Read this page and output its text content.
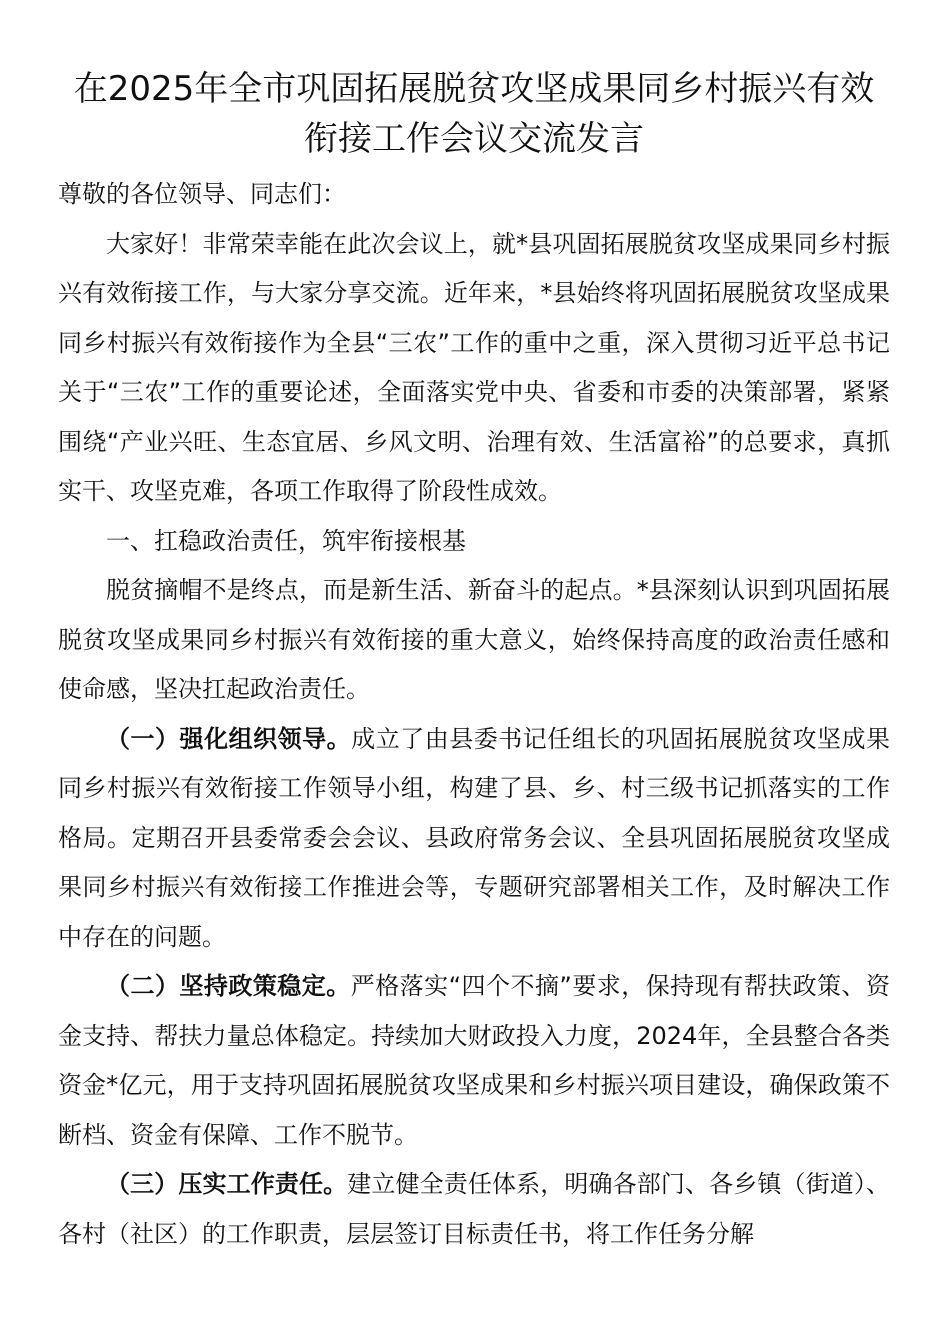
在2025年全市巩固拓展脱贫攻坚成果同乡村振兴有效衔接工作会议交流发言

尊敬的各位领导、同志们：

大家好！非常荣幸能在此次会议上，就*县巩固拓展脱贫攻坚成果同乡村振兴有效衔接工作，与大家分享交流。近年来，*县始终将巩固拓展脱贫攻坚成果同乡村振兴有效衔接作为全县“三农”工作的重中之重，深入贯彻习近平总书记关于“三农”工作的重要论述，全面落实党中央、省委和市委的决策部署，紧紧围绕“产业兴旺、生态宜居、乡风文明、治理有效、生活富裕”的总要求，真抓实干、攻坚克难，各项工作取得了阶段性成效。

一、扛稳政治责任，筑牢衔接根基

脱贫摘帽不是终点，而是新生活、新奋斗的起点。*县深刻认识到巩固拓展脱贫攻坚成果同乡村振兴有效衔接的重大意义，始终保持高度的政治责任感和使命感，坚决扛起政治责任。

（一）强化组织领导。成立了由县委书记任组长的巩固拓展脱贫攻坚成果同乡村振兴有效衔接工作领导小组，构建了县、乡、村三级书记抓落实的工作格局。定期召开县委常委会会议、县政府常务会议、全县巩固拓展脱贫攻坚成果同乡村振兴有效衔接工作推进会等，专题研究部署相关工作，及时解决工作中存在的问题。

（二）坚持政策稳定。严格落实“四个不摘”要求，保持现有帮扶政策、资金支持、帮扶力量总体稳定。持续加大财政投入力度，2024年，全县整合各类资金*亿元，用于支持巩固拓展脱贫攻坚成果和乡村振兴项目建设，确保政策不断档、资金有保障、工作不脱节。

（三）压实工作责任。建立健全责任体系，明确各部门、各乡镇（街道）、各村（社区）的工作职责，层层签订目标责任书，将工作任务分解
